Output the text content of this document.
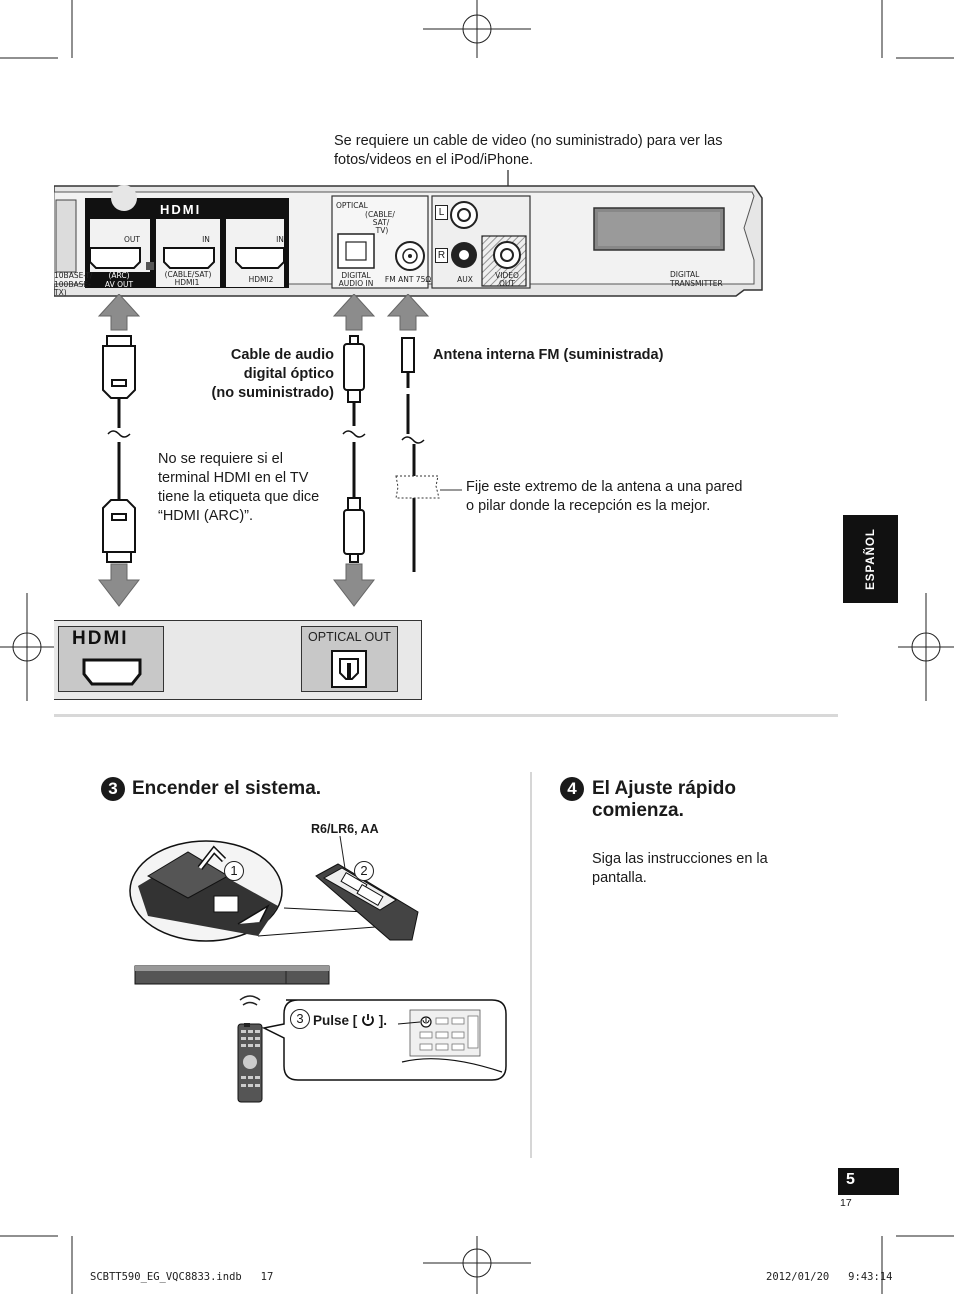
Se requiere un cable de video (no suministrado) para ver las
fotos/videos en el iPod/iPhone.
HDMI
OUT	IN	IN
10BASE-T/
100BASE-TX)
(ARC)
AV OUT
(CABLE/SAT)
HDMI1	HDMI2
OPTICAL
(CABLE/
SAT/
TV)
DIGITAL
AUDIO IN	FM ANT 75Ω
L
R
AUX	VIDEO
OUT
DIGITAL
TRANSMITTER
Cable de audio
digital óptico
(no suministrado)
Antena interna FM (suministrada)
No se requiere si el
terminal HDMI en el TV
tiene la etiqueta que dice
“HDMI (ARC)”.
Fije este extremo de la antena a una pared
o pilar donde la recepción es la mejor.
HDMI	OPTICAL OUT
ESPAÑOL
3 Encender el sistema.
R6/LR6, AA
1	2
3 Pulse [ ].
4 El Ajuste rápido
comienza.
Siga las instrucciones en la
pantalla.
5
17
SCBTT590_EG_VQC8833.indb   17	2012/01/20   9:43:14
